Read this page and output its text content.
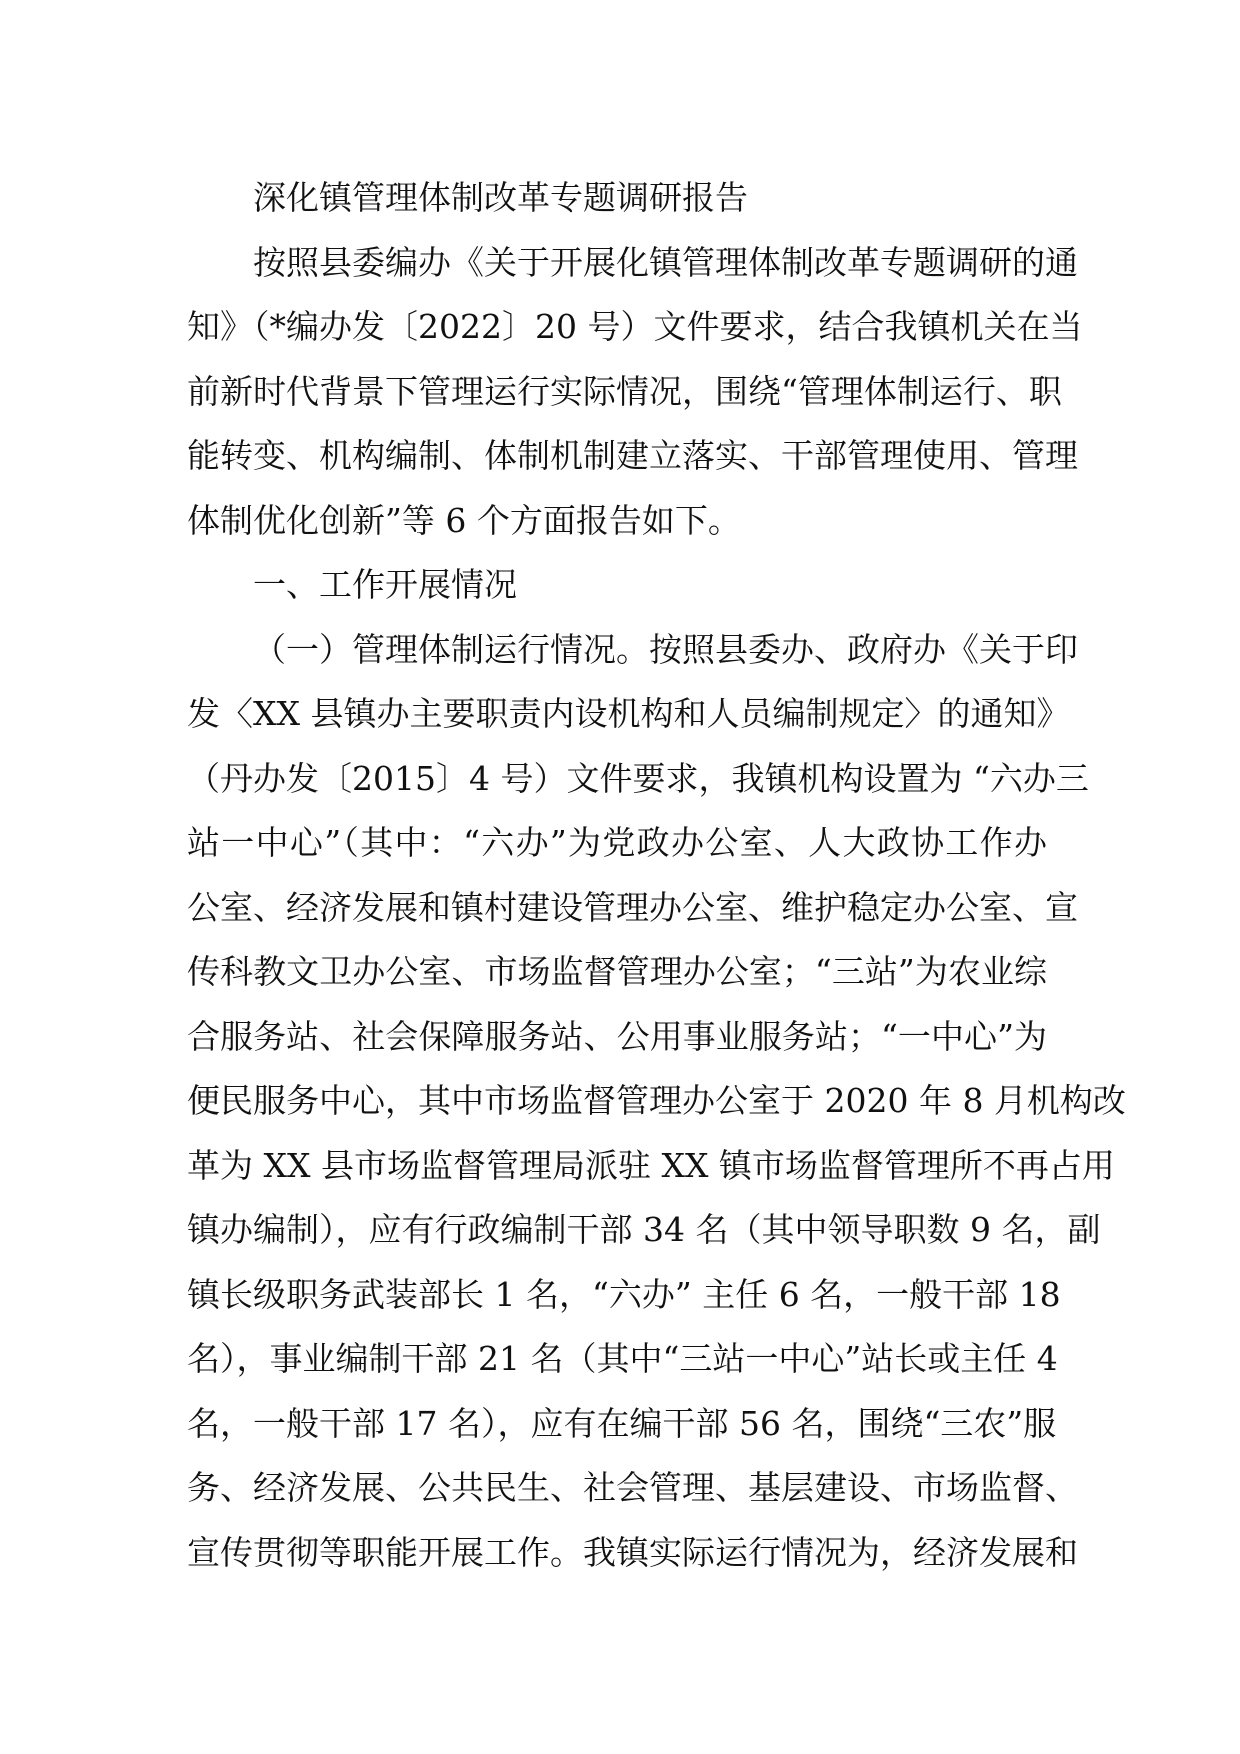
深化镇管理体制改革专题调研报告

按照县委编办《关于开展化镇管理体制改革专题调研的通
知》（*编办发〔2022〕20 号）文件要求，结合我镇机关在当
前新时代背景下管理运行实际情况，围绕“管理体制运行、职
能转变、机构编制、体制机制建立落实、干部管理使用、管理
体制优化创新”等 6 个方面报告如下。

一、工作开展情况

（一）管理体制运行情况。按照县委办、政府办《关于印
发〈XX 县镇办主要职责内设机构和人员编制规定〉的通知》
（丹办发〔2015〕4 号）文件要求，我镇机构设置为 “六办三
站一中心”（其中：“六办”为党政办公室、人大政协工作办
公室、经济发展和镇村建设管理办公室、维护稳定办公室、宣
传科教文卫办公室、市场监督管理办公室；“三站”为农业综
合服务站、社会保障服务站、公用事业服务站；“一中心”为
便民服务中心，其中市场监督管理办公室于 2020 年 8 月机构改
革为 XX 县市场监督管理局派驻 XX 镇市场监督管理所不再占用
镇办编制），应有行政编制干部 34 名（其中领导职数 9 名，副
镇长级职务武装部长 1 名，“六办” 主任 6 名，一般干部 18
名），事业编制干部 21 名（其中“三站一中心”站长或主任 4
名，一般干部 17 名），应有在编干部 56 名，围绕“三农”服
务、经济发展、公共民生、社会管理、基层建设、市场监督、
宣传贯彻等职能开展工作。我镇实际运行情况为，经济发展和
